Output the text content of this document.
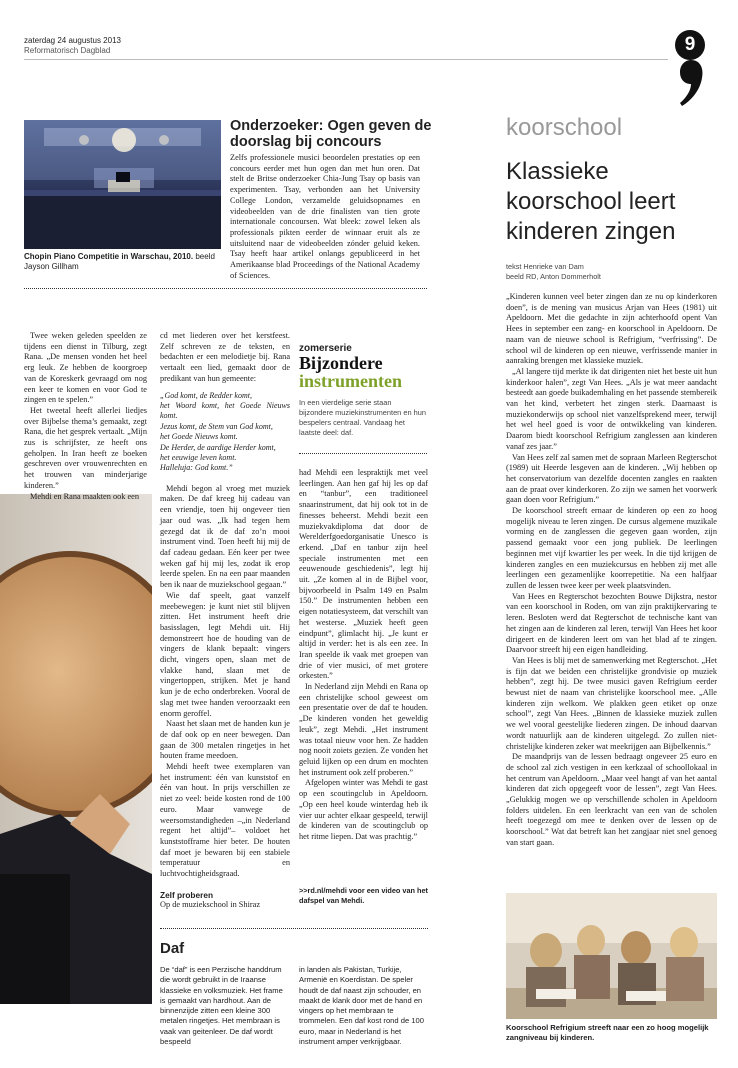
zaterdag 24 augustus 2013
Reformatorisch Dagblad	9
Chopin Piano Competitie in Warschau, 2010. beeld Jayson Gillham
Onderzoeker: Ogen geven de doorslag bij concours

Zelfs professionele musici beoordelen prestaties op een concours eerder met hun ogen dan met hun oren. Dat stelt de Britse onderzoeker Chia-Jung Tsay op basis van experimenten. Tsay, verbonden aan het University College London, verzamelde geluidsopnames en videobeelden van de drie finalisten van tien grote internationale concoursen. Wat bleek: zowel leken als professionals pikten eerder de winnaar eruit als ze uitsluitend naar de videobeelden zónder geluid keken. Tsay heeft haar artikel onlangs gepubliceerd in het Amerikaanse blad Proceedings of the National Academy of Sciences.

koorschool
Klassieke koorschool leert kinderen zingen
tekst Henrieke van Dam
beeld RD, Anton Dommerholt

„Kinderen kunnen veel beter zingen dan ze nu op kinderkoren doen”, is de mening van musicus Arjan van Hees (1981) uit Apeldoorn. Met die gedachte in zijn achterhoofd opent Van Hees in september een zang- en koorschool in Apeldoorn. De naam van de nieuwe school is Refrigium, “verfrissing”. De school wil de kinderen op een nieuwe, verfrissende manier in aanraking brengen met klassieke muziek.

„Al langere tijd merkte ik dat dirigenten niet het beste uit hun kinderkoor halen”, zegt Van Hees. „Als je wat meer aandacht besteedt aan goede buikademhaling en het passende stembereik van het kind, verbetert het zingen sterk. Daarnaast is muziekonderwijs op school niet vanzelfsprekend meer, terwijl het wel heel goed is voor de ontwikkeling van kinderen. Daarom biedt koorschool Refrigium zanglessen aan kinderen vanaf zes jaar.”

Van Hees zelf zal samen met de sopraan Marleen Regterschot (1989) uit Heerde lesgeven aan de kinderen. „Wij hebben op het conservatorium van dezelfde docenten zangles en raakten aan de praat over kinderkoren. Zo zijn we samen het voorwerk gaan doen voor Refrigium.”

De koorschool streeft ernaar de kinderen op een zo hoog mogelijk niveau te leren zingen. De cursus algemene muzikale vorming en de zanglessen die gegeven gaan worden, zijn passend gemaakt voor een jong publiek. De leerlingen beginnen met vijf kwartier les per week. In die tijd krijgen de kinderen zangles en een muziekcursus en hebben zij met alle leerlingen een gezamenlijke koorrepetitie. Na een halfjaar zullen de lessen twee keer per week plaatsvinden.

Van Hees en Regterschot bezochten Bouwe Dijkstra, nestor van een koorschool in Roden, om van zijn praktijkervaring te leren. Besloten werd dat Regterschot de technische kant van het zingen aan de kinderen zal leren, terwijl Van Hees het koor dirigeert en de kinderen leert om van het blad af te zingen. Daarvoor streeft hij een eigen handleiding.

Van Hees is blij met de samenwerking met Regterschot. „Het is fijn dat we beiden een christelijke grondvisie op muziek hebben”, zegt hij. De twee musici gaven Refrigium eerder bewust niet de naam van christelijke koorschool mee. „Alle kinderen zijn welkom. We plakken geen etiket op onze school”, zegt Van Hees. „Binnen de klassieke muziek zullen we wel vooral geestelijke liederen zingen. De inhoud daarvan wordt natuurlijk aan de kinderen uitgelegd. Zo zullen niet-christelijke kinderen zeker wat meekrijgen aan Bijbelkennis.”

De maandprijs van de lessen bedraagt ongeveer 25 euro en de school zal zich vestigen in een kerkzaal of schoollokaal in het centrum van Apeldoorn. „Maar veel hangt af van het aantal kinderen dat zich opgegeeft voor de lessen”, zegt Van Hees. „Gelukkig mogen we op verschillende scholen in Apeldoorn folders uitdelen. En een leerkracht van een van de scholen heeft toegezegd om mee te denken over de lessen op de koorschool.” Wat dat betreft kan het zangjaar niet snel genoeg van start gaan.

Koorschool Refrigium streeft naar een zo hoog mogelijk zangniveau bij kinderen.

Twee weken geleden speelden ze tijdens een dienst in Tilburg, zegt Rana. „De mensen vonden het heel erg leuk. Ze hebben de koorgroep van de Koreskerk gevraagd om nog een keer te komen en voor God te zingen en te spelen.”

Het tweetal heeft allerlei liedjes over Bijbelse thema’s gemaakt, zegt Rana, die het gesprek vertaalt. „Mijn zus is schrijfster, ze heeft ons geholpen. In Iran heeft ze boeken geschreven over vrouwenrechten en het trouwen van minderjarige kinderen.”

Mehdi en Rana maakten ook een

cd met liederen over het kerstfeest. Zelf schreven ze de teksten, en bedachten er een melodietje bij. Rana vertaalt een lied, gemaakt door de predikant van hun gemeente:

„God komt, de Redder komt,
het Woord komt, het Goede Nieuws komt.
Jezus komt, de Stem van God komt,
het Goede Nieuws komt.
De Herder, de aardige Herder komt,
het eeuwige leven komt.
Halleluja: God komt.”

Mehdi begon al vroeg met muziek maken. De daf kreeg hij cadeau van een vriendje, toen hij ongeveer tien jaar oud was. „Ik had tegen hem gezegd dat ik de daf zo’n mooi instrument vind. Toen heeft hij mij de daf cadeau gedaan. Eén keer per twee weken gaf hij mij les, zodat ik erop leerde spelen. En na een paar maanden ben ik naar de muziekschool gegaan.”

Wie daf speelt, gaat vanzelf meebewegen: je kunt niet stil blijven zitten. Het instrument heeft drie basisslagen, legt Mehdi uit. Hij demonstreert hoe de houding van de vingers de klank bepaalt: vingers dicht, vingers open, slaan met de vlakke hand, slaan met de vingertoppen, strijken. Met je hand kun je de echo onderbreken. Vooral de slag met twee handen veroorzaakt een enorm geroffel.

Naast het slaan met de handen kun je de daf ook op en neer bewegen. Dan gaan de 300 metalen ringetjes in het houten frame meedoen.

Mehdi heeft twee exemplaren van het instrument: één van kunststof en één van hout. In prijs verschillen ze niet zo veel: beide kosten rond de 100 euro. Maar vanwege de weersomstandigheden –„in Nederland regent het altijd”– voldoet het kunststofframe hier beter. De houten daf moet je bewaren bij een stabiele temperatuur en luchtvochtigheidsgraad.

Zelf proberen

Op de muziekschool in Shiraz

zomerserie
Bijzondere
instrumenten
In een vierdelige serie staan bijzondere muziekinstrumenten en hun bespelers centraal. Vandaag het laatste deel: daf.

had Mehdi een lespraktijk met veel leerlingen. Aan hen gaf hij les op daf en “tanbur”, een traditioneel snaarinstrument, dat hij ook tot in de finesses beheerst. Mehdi bezit een muziekvakdiploma dat door de Werelderfgoedorganisatie Unesco is erkend. „Daf en tanbur zijn heel speciale instrumenten met een eeuwenoude geschiedenis”, legt hij uit. „Ze komen al in de Bijbel voor, bijvoorbeeld in Psalm 149 en Psalm 150.” De instrumenten hebben een eigen notatiesysteem, dat verschilt van het westerse. „Muziek heeft geen eindpunt”, glimlacht hij. „Je kunt er altijd in verder: het is als een zee. In Iran speelde ik vaak met groepen van drie of vier musici, of met grotere orkesten.”

In Nederland zijn Mehdi en Rana op een christelijke school geweest om een presentatie over de daf te houden. „De kinderen vonden het geweldig leuk”, zegt Mehdi. „Het instrument was totaal nieuw voor hen. Ze hadden nog nooit zoiets gezien. Ze vonden het geluid lijken op een drum en mochten het instrument ook zelf proberen.”

Afgelopen winter was Mehdi te gast op een scoutingclub in Apeldoorn. „Op een heel koude winterdag heb ik vier uur achter elkaar gespeeld, terwijl de kinderen van de scoutingclub op het ritme liepen. Dat was prachtig.”

>>rd.nl/mehdi voor een video van het dafspel van Mehdi.
Daf
De “daf” is een Perzische handdrum die wordt gebruikt in de Iraanse klassieke en volksmuziek. Het frame is gemaakt van hardhout. Aan de binnenzijde zitten een kleine 300 metalen ringetjes. Het membraan is vaak van geitenleer. De daf wordt bespeeld
in landen als Pakistan, Turkije, Armenië en Koerdistan. De speler houdt de daf naast zijn schouder, en maakt de klank door met de hand en vingers op het membraan te trommelen. Een daf kost rond de 100 euro, maar in Nederland is het instrument amper verkrijgbaar.
